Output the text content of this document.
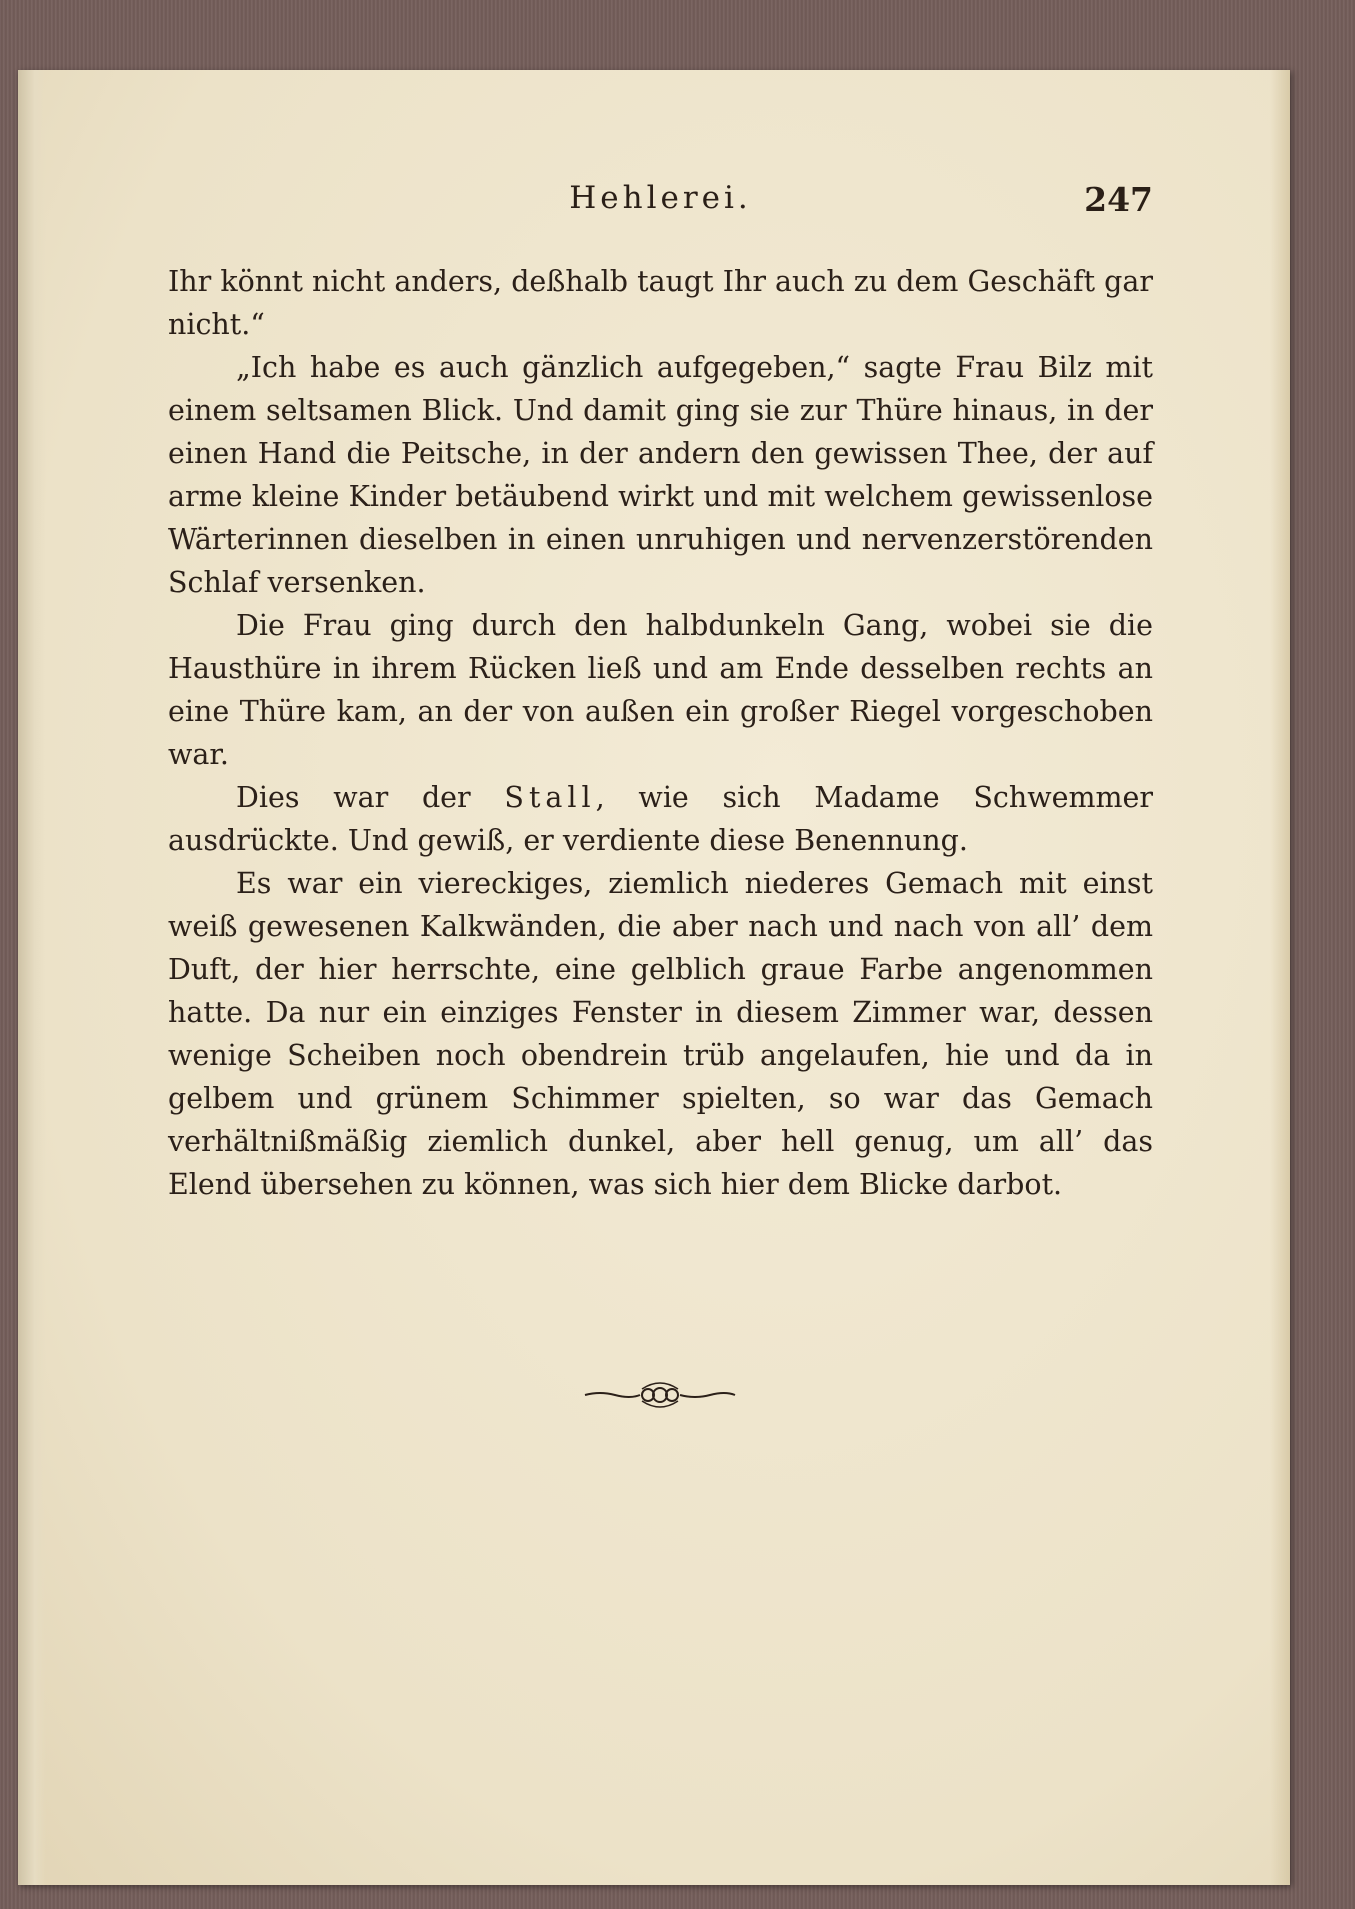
Hehlerei.	247

Ihr könnt nicht anders, deßhalb taugt Ihr auch zu dem Geschäft gar nicht.“

„Ich habe es auch gänzlich aufgegeben,“ sagte Frau Bilz mit einem seltsamen Blick. Und damit ging sie zur Thüre hinaus, in der einen Hand die Peitsche, in der andern den gewissen Thee, der auf arme kleine Kinder betäubend wirkt und mit welchem gewissenlose Wärterinnen dieselben in einen unruhigen und nervenzerstörenden Schlaf versenken.

Die Frau ging durch den halbdunkeln Gang, wobei sie die Hausthüre in ihrem Rücken ließ und am Ende desselben rechts an eine Thüre kam, an der von außen ein großer Riegel vorgeschoben war.

Dies war der Stall, wie sich Madame Schwemmer ausdrückte. Und gewiß, er verdiente diese Benennung.

Es war ein viereckiges, ziemlich niederes Gemach mit einst weiß gewesenen Kalkwänden, die aber nach und nach von all’ dem Duft, der hier herrschte, eine gelblich graue Farbe angenommen hatte. Da nur ein einziges Fenster in diesem Zimmer war, dessen wenige Scheiben noch obendrein trüb angelaufen, hie und da in gelbem und grünem Schimmer spielten, so war das Gemach verhältnißmäßig ziemlich dunkel, aber hell genug, um all’ das Elend übersehen zu können, was sich hier dem Blicke darbot.
